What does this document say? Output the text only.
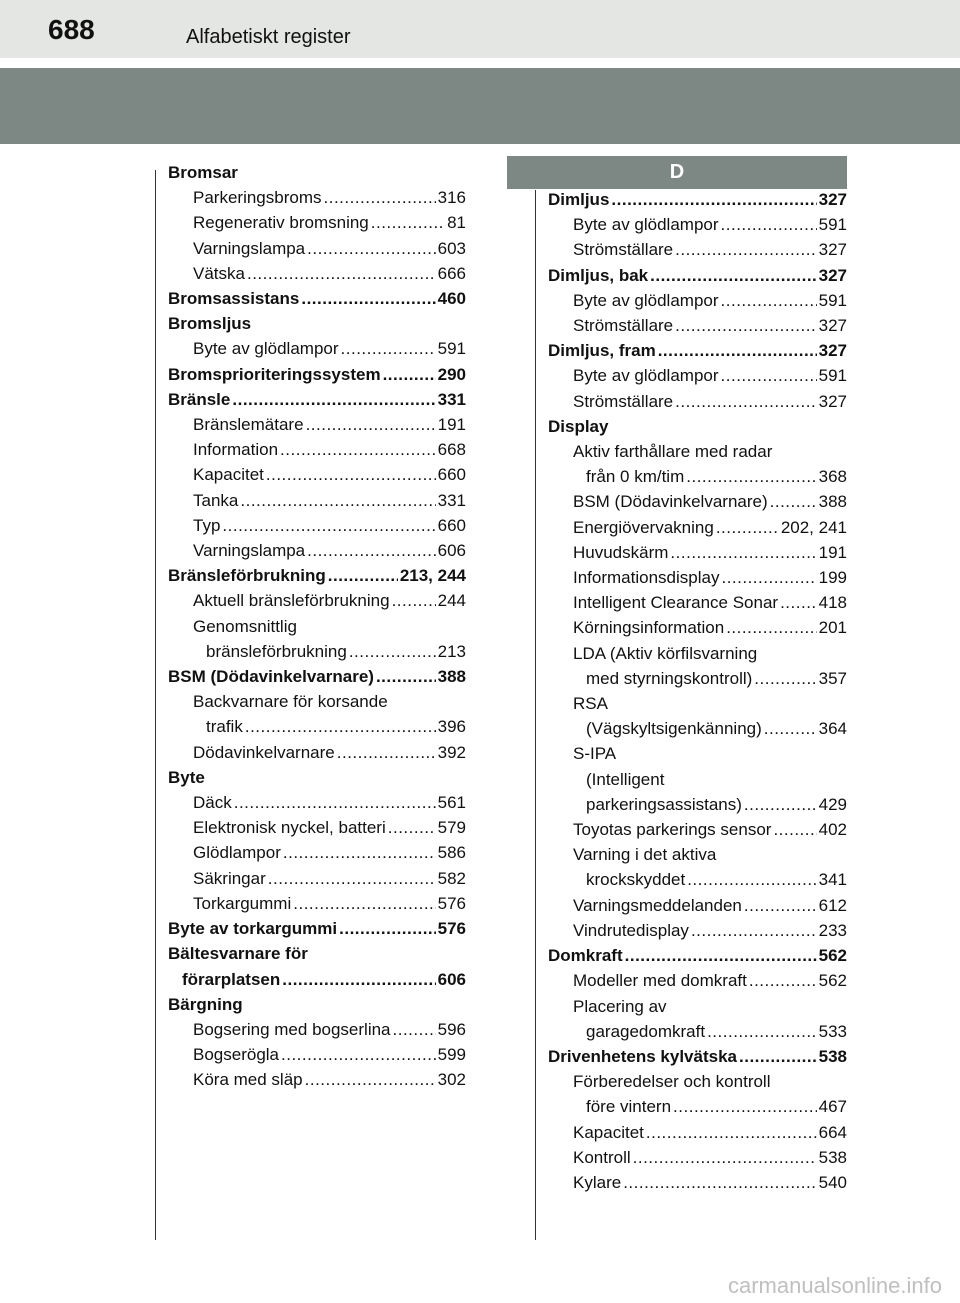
688	Alfabetiskt register
Bromsar
Parkeringsbroms .....	316
Regenerativ bromsning .....	81
Varningslampa .....	603
Vätska .....	666
Bromsassistans .....	460
Bromsljus
Byte av glödlampor .....	591
Bromsprioriteringssystem .....	290
Bränsle .....	331
Bränslemätare .....	191
Information .....	668
Kapacitet .....	660
Tanka .....	331
Typ .....	660
Varningslampa .....	606
Bränsleförbrukning .....	213, 244
Aktuell bränsleförbrukning .....	244
Genomsnittlig
bränsleförbrukning .....	213
BSM (Dödavinkelvarnare) .....	388
Backvarnare för korsande
trafik .....	396
Dödavinkelvarnare .....	392
Byte
Däck .....	561
Elektronisk nyckel, batteri .....	579
Glödlampor .....	586
Säkringar .....	582
Torkargummi .....	576
Byte av torkargummi .....	576
Bältesvarnare för
förarplatsen .....	606
Bärgning
Bogsering med bogserlina .....	596
Bogserögla .....	599
Köra med släp .....	302
D
Dimljus .....	327
Byte av glödlampor .....	591
Strömställare .....	327
Dimljus, bak .....	327
Byte av glödlampor .....	591
Strömställare .....	327
Dimljus, fram .....	327
Byte av glödlampor .....	591
Strömställare .....	327
Display
Aktiv farthållare med radar
från 0 km/tim .....	368
BSM (Dödavinkelvarnare) .....	388
Energiövervakning .....	202, 241
Huvudskärm .....	191
Informationsdisplay .....	199
Intelligent Clearance Sonar ..... 418
Körningsinformation .....	201
LDA (Aktiv körfilsvarning
med styrningskontroll) .....	357
RSA
(Vägskyltsigenkänning) .....	364
S-IPA
(Intelligent
parkeringsassistans) .....	429
Toyotas parkerings sensor .....	402
Varning i det aktiva
krockskyddet .....	341
Varningsmeddelanden .....	612
Vindrutedisplay .....	233
Domkraft .....	562
Modeller med domkraft .....	562
Placering av
garagedomkraft .....	533
Drivenhetens kylvätska .....	538
Förberedelser och kontroll
före vintern .....	467
Kapacitet .....	664
Kontroll .....	538
Kylare .....	540
carmanualsonline.info
